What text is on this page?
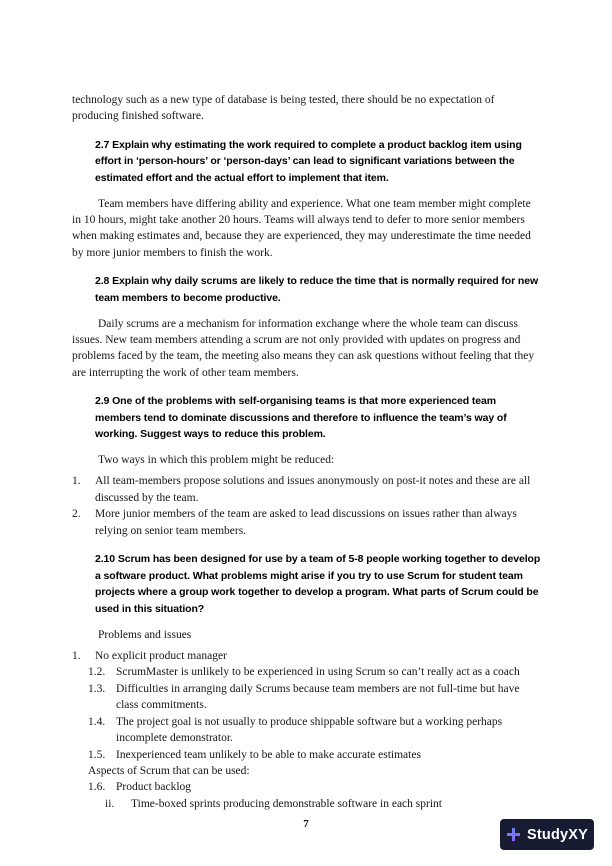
technology such as a new type of database is being tested, there should be no expectation of producing finished software.

2.7 Explain why estimating the work required to complete a product backlog item using effort in ‘person-hours’ or ‘person-days’ can lead to significant variations between the estimated effort and the actual effort to implement that item.

Team members have differing ability and experience. What one team member might complete in 10 hours, might take another 20 hours. Teams will always tend to defer to more senior members when making estimates and, because they are experienced, they may underestimate the time needed by more junior members to finish the work.

2.8 Explain why daily scrums are likely to reduce the time that is normally required for new team members to become productive.

Daily scrums are a mechanism for information exchange where the whole team can discuss issues. New team members attending a scrum are not only provided with updates on progress and problems faced by the team, the meeting also means they can ask questions without feeling that they are interrupting the work of other team members.

2.9 One of the problems with self-organising teams is that more experienced team members tend to dominate discussions and therefore to influence the team’s way of working. Suggest ways to reduce this problem.

Two ways in which this problem might be reduced:

1.	All team-members propose solutions and issues anonymously on post-it notes and these are all discussed by the team.
2.	More junior members of the team are asked to lead discussions on issues rather than always relying on senior team members.

2.10 Scrum has been designed for use by a team of 5-8 people working together to develop a software product. What problems might arise if you try to use Scrum for student team projects where a group work together to develop a program. What parts of Scrum could be used in this situation?

Problems and issues

1.	No explicit product manager
1.2. ScrumMaster is unlikely to be experienced in using Scrum so can’t really act as a coach
1.3. Difficulties in arranging daily Scrums because team members are not full-time but have class commitments.
1.4. The project goal is not usually to produce shippable software but a working perhaps incomplete demonstrator.
1.5. Inexperienced team unlikely to be able to make accurate estimates
Aspects of Scrum that can be used:
1.6. Product backlog
ii.	Time-boxed sprints producing demonstrable software in each sprint
7
StudyXY
